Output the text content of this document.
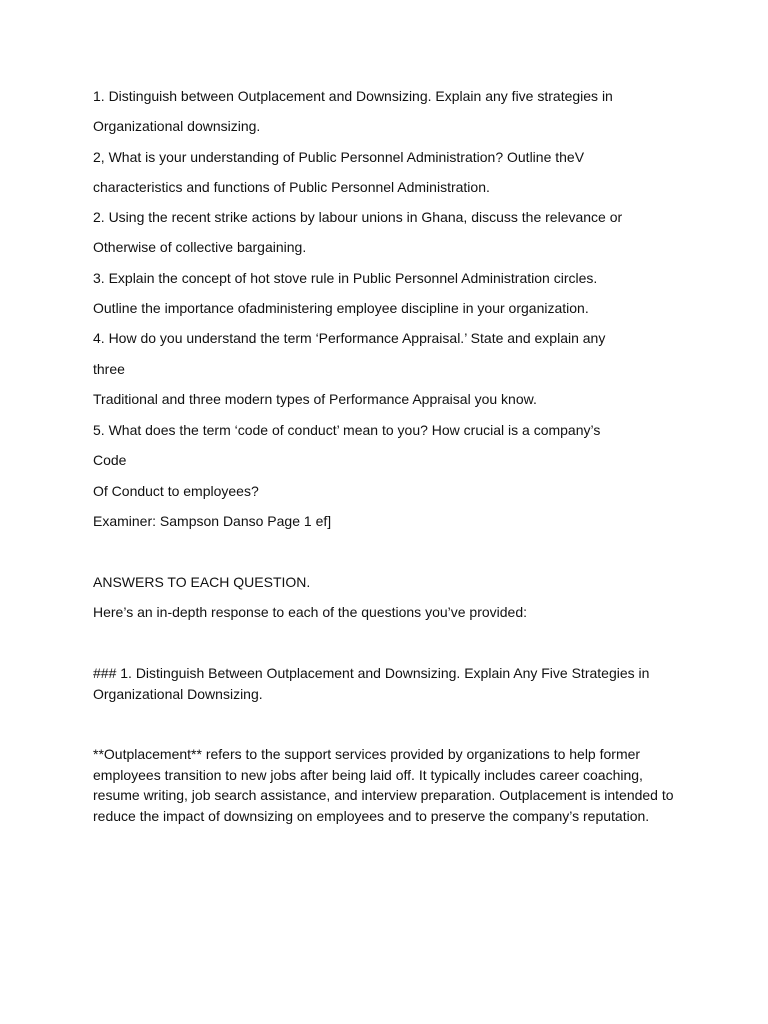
1. Distinguish between Outplacement and Downsizing. Explain any five strategies in

Organizational downsizing.

2, What is your understanding of Public Personnel Administration? Outline theV

characteristics and functions of Public Personnel Administration.

2. Using the recent strike actions by labour unions in Ghana, discuss the relevance or

Otherwise of collective bargaining.

3. Explain the concept of hot stove rule in Public Personnel Administration circles.

Outline the importance ofadministering employee discipline in your organization.

4. How do you understand the term ‘Performance Appraisal.’ State and explain any

three

Traditional and three modern types of Performance Appraisal you know.

5. What does the term ‘code of conduct’ mean to you? How crucial is a company’s

Code

Of Conduct to employees?

Examiner: Sampson Danso Page 1 ef]

ANSWERS TO EACH QUESTION.

Here’s an in-depth response to each of the questions you’ve provided:

### 1. Distinguish Between Outplacement and Downsizing. Explain Any Five Strategies in Organizational Downsizing.

**Outplacement** refers to the support services provided by organizations to help former employees transition to new jobs after being laid off. It typically includes career coaching, resume writing, job search assistance, and interview preparation. Outplacement is intended to reduce the impact of downsizing on employees and to preserve the company’s reputation.
